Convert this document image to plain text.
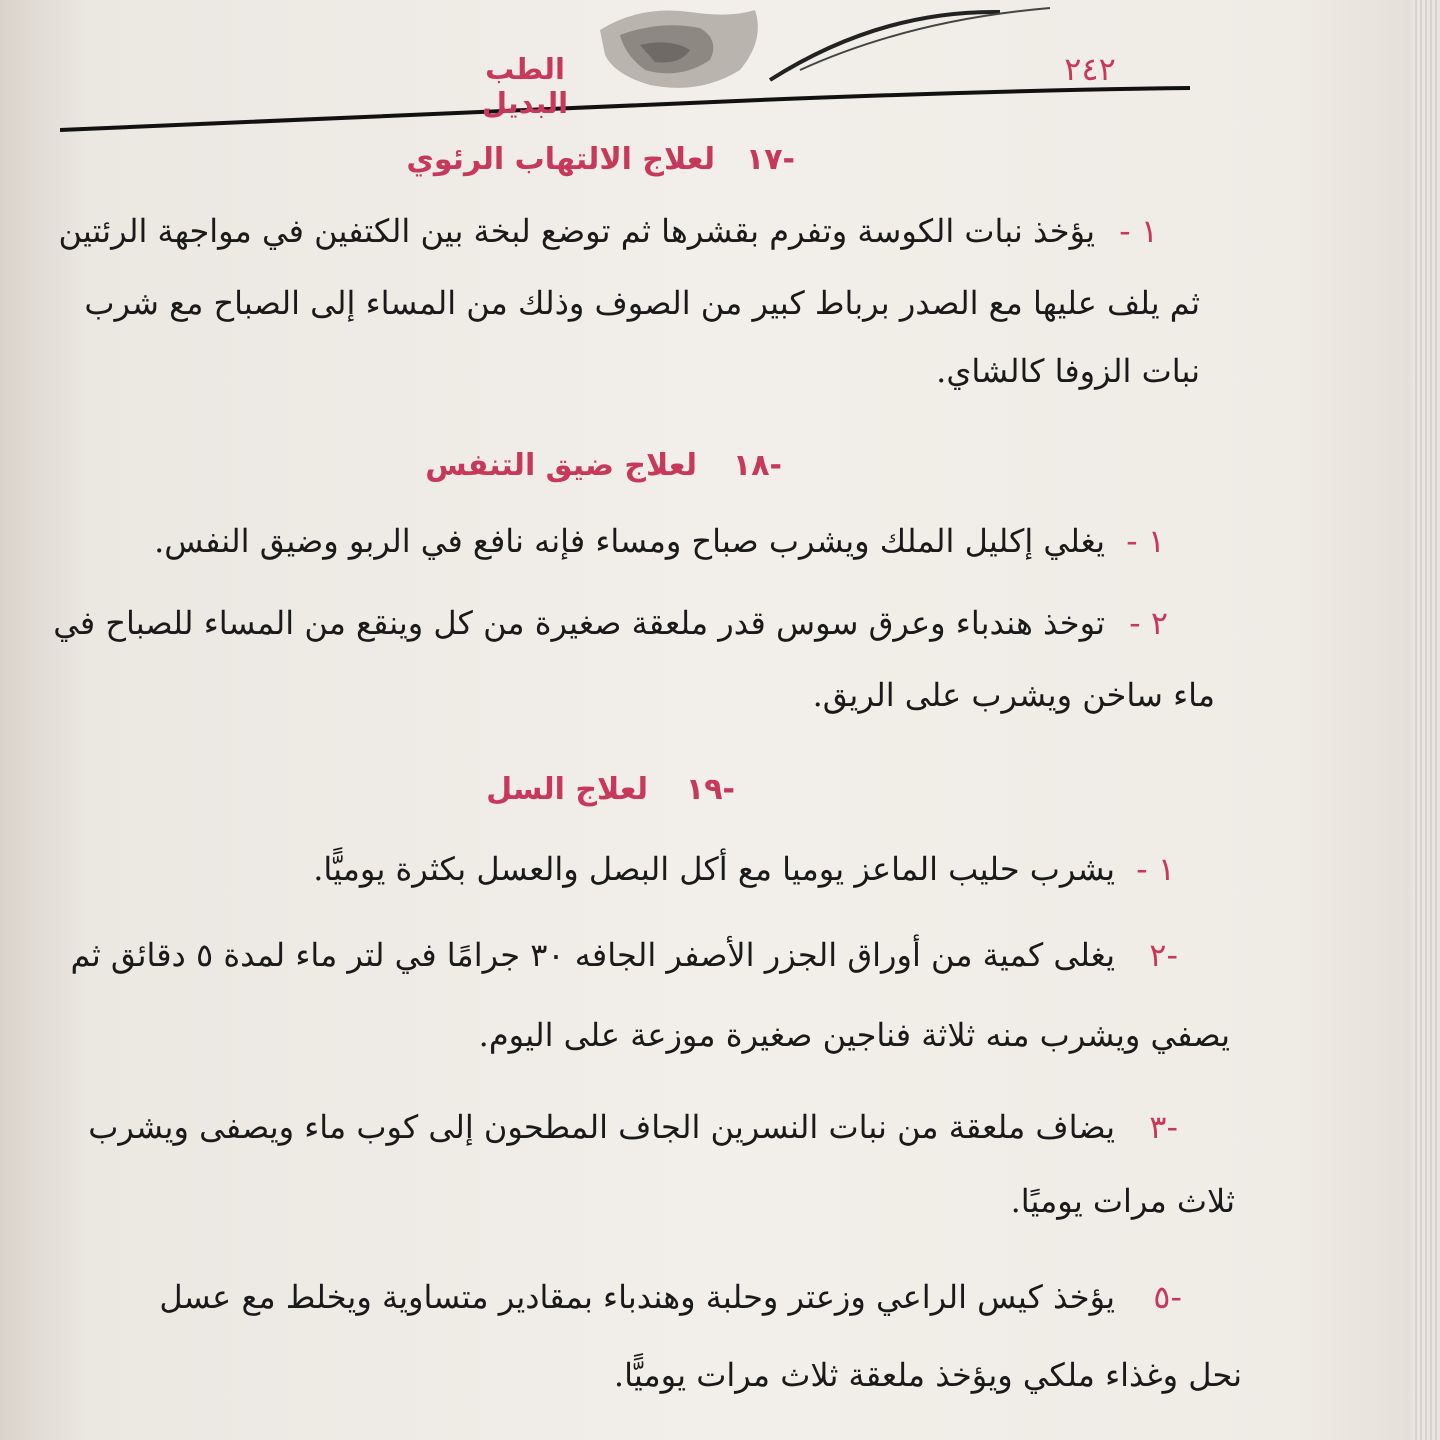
الطب البديل
٢٤٢
-١٧
لعلاج الالتهاب الرئوي
١ -
يؤخذ نبات الكوسة وتفرم بقشرها ثم توضع لبخة بين الكتفين في مواجهة الرئتين
ثم يلف عليها مع الصدر برباط كبير من الصوف وذلك من المساء إلى الصباح مع شرب
نبات الزوفا كالشاي.
-١٨
لعلاج ضيق التنفس
١ -
يغلي إكليل الملك ويشرب صباح ومساء فإنه نافع في الربو وضيق النفس.
٢ -
توخذ هندباء وعرق سوس قدر ملعقة صغيرة من كل وينقع من المساء للصباح في
ماء ساخن ويشرب على الريق.
-١٩
لعلاج السل
١ -
يشرب حليب الماعز يوميا مع أكل البصل والعسل بكثرة يوميًّا.
-٢
يغلى كمية من أوراق الجزر الأصفر الجافه ٣٠ جرامًا في لتر ماء لمدة ٥ دقائق ثم
يصفي ويشرب منه ثلاثة فناجين صغيرة موزعة على اليوم.
-٣
يضاف ملعقة من نبات النسرين الجاف المطحون إلى كوب ماء ويصفى ويشرب
ثلاث مرات يوميًا.
-٥
يؤخذ كيس الراعي وزعتر وحلبة وهندباء بمقادير متساوية ويخلط مع عسل
نحل وغذاء ملكي ويؤخذ ملعقة ثلاث مرات يوميًّا.
